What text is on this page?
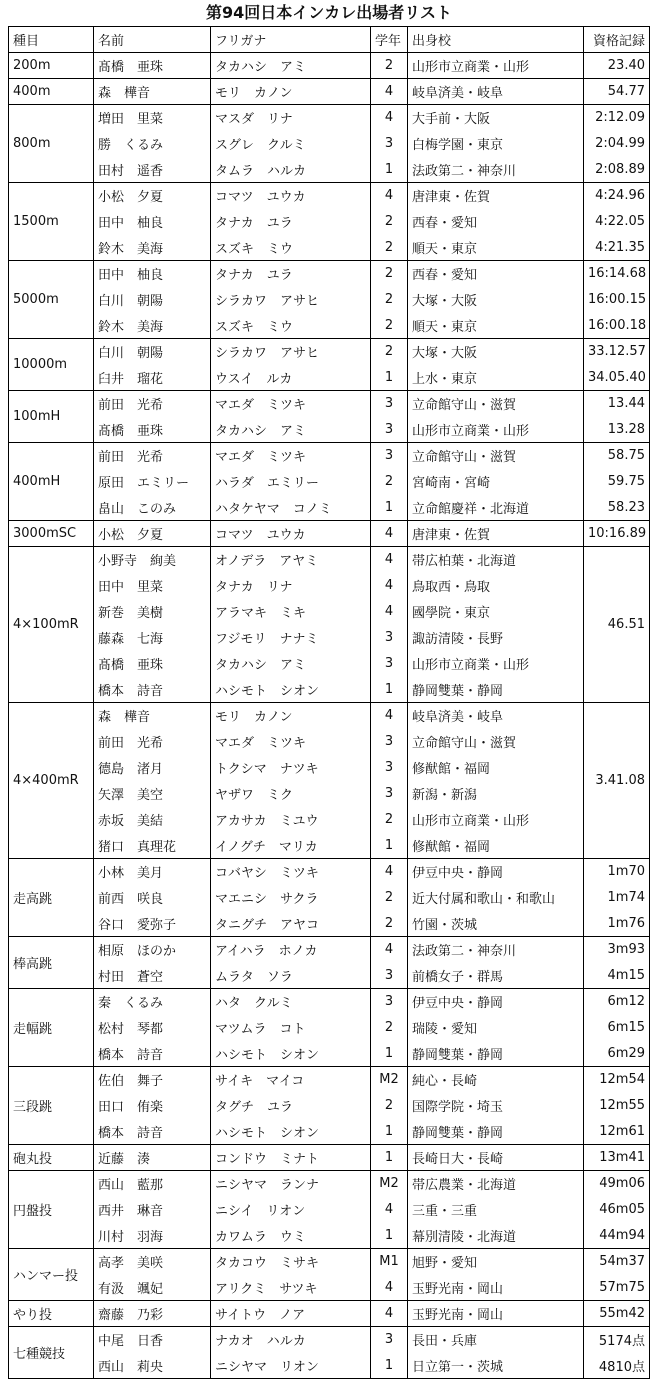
第94回日本インカレ出場者リスト
種目	名前	フリガナ	学年	出身校	資格記録
200m	髙橋　亜珠	タカハシ　アミ	2	山形市立商業・山形	23.40
400m	森　樺音	モリ　カノン	4	岐阜済美・岐阜	54.77
800m	増田　里菜	マスダ　リナ	4	大手前・大阪	2:12.09
	勝　くるみ	スグレ　クルミ	3	白梅学園・東京	2:04.99
	田村　遥香	タムラ　ハルカ	1	法政第二・神奈川	2:08.89
1500m	小松　夕夏	コマツ　ユウカ	4	唐津東・佐賀	4:24.96
	田中　柚良	タナカ　ユラ	2	西春・愛知	4:22.05
	鈴木　美海	スズキ　ミウ	2	順天・東京	4:21.35
5000m	田中　柚良	タナカ　ユラ	2	西春・愛知	16:14.68
	白川　朝陽	シラカワ　アサヒ	2	大塚・大阪	16:00.15
	鈴木　美海	スズキ　ミウ	2	順天・東京	16:00.18
10000m	白川　朝陽	シラカワ　アサヒ	2	大塚・大阪	33.12.57
	臼井　瑠花	ウスイ　ルカ	1	上水・東京	34.05.40
100mH	前田　光希	マエダ　ミツキ	3	立命館守山・滋賀	13.44
	髙橋　亜珠	タカハシ　アミ	3	山形市立商業・山形	13.28
400mH	前田　光希	マエダ　ミツキ	3	立命館守山・滋賀	58.75
	原田　エミリー	ハラダ　エミリー	2	宮崎南・宮崎	59.75
	畠山　このみ	ハタケヤマ　コノミ	1	立命館慶祥・北海道	58.23
3000mSC	小松　夕夏	コマツ　ユウカ	4	唐津東・佐賀	10:16.89
4×100mR	小野寺　絢美	オノデラ　アヤミ	4	帯広柏葉・北海道	46.51
	田中　里菜	タナカ　リナ	4	鳥取西・鳥取	
	新巻　美樹	アラマキ　ミキ	4	國學院・東京	
	藤森　七海	フジモリ　ナナミ	3	諏訪清陵・長野	
	髙橋　亜珠	タカハシ　アミ	3	山形市立商業・山形	
	橋本　詩音	ハシモト　シオン	1	静岡雙葉・静岡	
4×400mR	森　樺音	モリ　カノン	4	岐阜済美・岐阜	3.41.08
	前田　光希	マエダ　ミツキ	3	立命館守山・滋賀	
	德島　渚月	トクシマ　ナツキ	3	修猷館・福岡	
	矢澤　美空	ヤザワ　ミク	3	新潟・新潟	
	赤坂　美結	アカサカ　ミユウ	2	山形市立商業・山形	
	猪口　真理花	イノグチ　マリカ	1	修猷館・福岡	
走高跳	小林　美月	コバヤシ　ミツキ	4	伊豆中央・静岡	1m70
	前西　咲良	マエニシ　サクラ	2	近大付属和歌山・和歌山	1m74
	谷口　愛弥子	タニグチ　アヤコ	2	竹園・茨城	1m76
棒高跳	相原　ほのか	アイハラ　ホノカ	4	法政第二・神奈川	3m93
	村田　蒼空	ムラタ　ソラ	3	前橋女子・群馬	4m15
走幅跳	秦　くるみ	ハタ　クルミ	3	伊豆中央・静岡	6m12
	松村　琴都	マツムラ　コト	2	瑞陵・愛知	6m15
	橋本　詩音	ハシモト　シオン	1	静岡雙葉・静岡	6m29
三段跳	佐伯　舞子	サイキ　マイコ	M2	純心・長崎	12m54
	田口　侑楽	タグチ　ユラ	2	国際学院・埼玉	12m55
	橋本　詩音	ハシモト　シオン	1	静岡雙葉・静岡	12m61
砲丸投	近藤　湊	コンドウ　ミナト	1	長崎日大・長崎	13m41
円盤投	西山　藍那	ニシヤマ　ランナ	M2	帯広農業・北海道	49m06
	西井　琳音	ニシイ　リオン	4	三重・三重	46m05
	川村　羽海	カワムラ　ウミ	1	幕別清陵・北海道	44m94
ハンマー投	高孝　美咲	タカコウ　ミサキ	M1	旭野・愛知	54m37
	有汲　颯妃	アリクミ　サツキ	4	玉野光南・岡山	57m75
やり投	齋藤　乃彩	サイトウ　ノア	4	玉野光南・岡山	55m42
七種競技	中尾　日香	ナカオ　ハルカ	3	長田・兵庫	5174点
	西山　莉央	ニシヤマ　リオン	1	日立第一・茨城	4810点
